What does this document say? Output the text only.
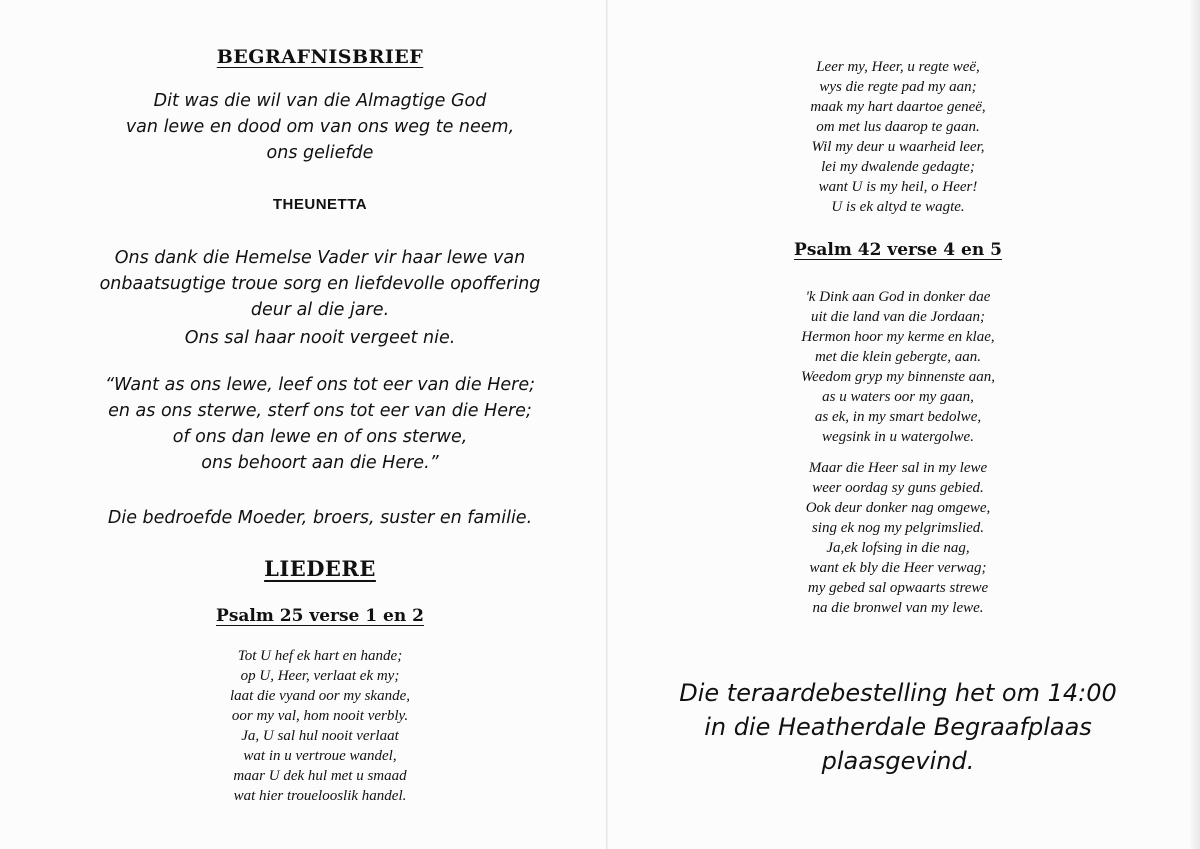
BEGRAFNISBRIEF

Dit was die wil van die Almagtige God
van lewe en dood om van ons weg te neem,
ons geliefde

THEUNETTA

Ons dank die Hemelse Vader vir haar lewe van
onbaatsugtige troue sorg en liefdevolle opoffering
deur al die jare.
Ons sal haar nooit vergeet nie.

“Want as ons lewe, leef ons tot eer van die Here;
en as ons sterwe, sterf ons tot eer van die Here;
of ons dan lewe en of ons sterwe,
ons behoort aan die Here.”

Die bedroefde Moeder, broers, suster en familie.

LIEDERE
Psalm 25 verse 1 en 2

Tot U hef ek hart en hande;
op U, Heer, verlaat ek my;
laat die vyand oor my skande,
oor my val, hom nooit verbly.
Ja, U sal hul nooit verlaat
wat in u vertroue wandel,
maar U dek hul met u smaad
wat hier trouelooslik handel.

Leer my, Heer, u regte weë,
wys die regte pad my aan;
maak my hart daartoe geneë,
om met lus daarop te gaan.
Wil my deur u waarheid leer,
lei my dwalende gedagte;
want U is my heil, o Heer!
U is ek altyd te wagte.

Psalm 42 verse 4 en 5

'k Dink aan God in donker dae
uit die land van die Jordaan;
Hermon hoor my kerme en klae,
met die klein gebergte, aan.
Weedom gryp my binnenste aan,
as u waters oor my gaan,
as ek, in my smart bedolwe,
wegsink in u watergolwe.

Maar die Heer sal in my lewe
weer oordag sy guns gebied.
Ook deur donker nag omgewe,
sing ek nog my pelgrimslied.
Ja,ek lofsing in die nag,
want ek bly die Heer verwag;
my gebed sal opwaarts strewe
na die bronwel van my lewe.

Die teraardebestelling het om 14:00
in die Heatherdale Begraafplaas
plaasgevind.
